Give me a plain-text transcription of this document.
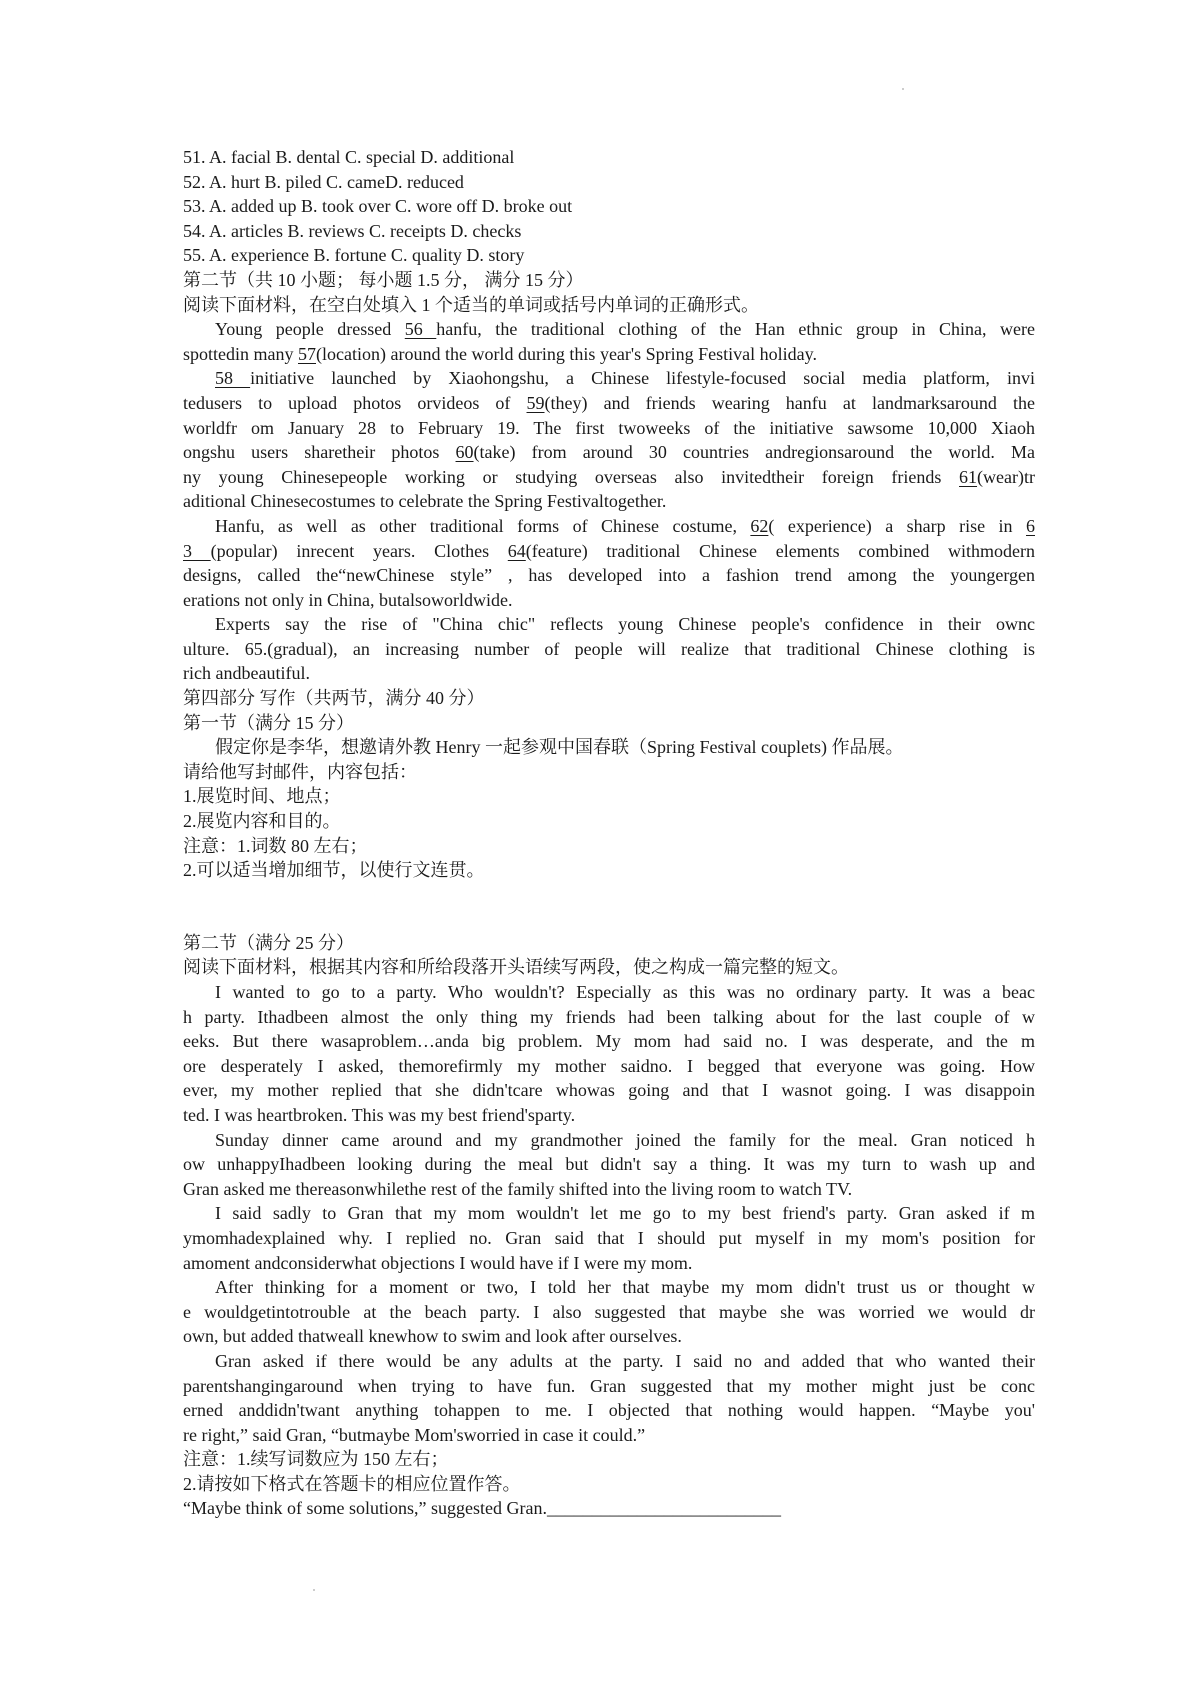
51. A. facial B. dental C. special D. additional
52. A. hurt B. piled C. cameD. reduced
53. A. added up B. took over C. wore off D. broke out
54. A. articles B. reviews C. receipts D. checks
55. A. experience B. fortune C. quality D. story
第二节（共 10 小题； 每小题 1.5 分， 满分 15 分）
阅读下面材料，在空白处填入 1 个适当的单词或括号内单词的正确形式。
Young people dressed 56 hanfu, the traditional clothing of the Han ethnic group in China, were
spottedin many 57(location) around the world during this year's Spring Festival holiday.
58 initiative launched by Xiaohongshu, a Chinese lifestyle-focused social media platform, invi
tedusers to upload photos orvideos of 59(they) and friends wearing hanfu at landmarksaround the
worldfr om January 28 to February 19. The first twoweeks of the initiative sawsome 10,000 Xiaoh
ongshu users sharetheir photos 60(take) from around 30 countries andregionsaround the world. Ma
ny young Chinesepeople working or studying overseas also invitedtheir foreign friends 61(wear)tr
aditional Chinesecostumes to celebrate the Spring Festivaltogether.
Hanfu, as well as other traditional forms of Chinese costume, 62( experience) a sharp rise in 6
3 (popular) inrecent years. Clothes 64(feature) traditional Chinese elements combined withmodern
designs, called the“newChinese style” , has developed into a fashion trend among the youngergen
erations not only in China, butalsoworldwide.
Experts say the rise of "China chic" reflects young Chinese people's confidence in their ownc
ulture. 65.(gradual), an increasing number of people will realize that traditional Chinese clothing is
rich andbeautiful.
第四部分 写作（共两节，满分 40 分）
第一节（满分 15 分）
假定你是李华，想邀请外教 Henry 一起参观中国春联（Spring Festival couplets) 作品展。
请给他写封邮件，内容包括：
1.展览时间、地点；
2.展览内容和目的。
注意：1.词数 80 左右；
2.可以适当增加细节，以使行文连贯。
第二节（满分 25 分）
阅读下面材料，根据其内容和所给段落开头语续写两段，使之构成一篇完整的短文。
I wanted to go to a party. Who wouldn't? Especially as this was no ordinary party. It was a beac
h party. Ithadbeen almost the only thing my friends had been talking about for the last couple of w
eeks. But there wasaproblem…anda big problem. My mom had said no. I was desperate, and the m
ore desperately I asked, themorefirmly my mother saidno. I begged that everyone was going. How
ever, my mother replied that she didn'tcare whowas going and that I wasnot going. I was disappoin
ted. I was heartbroken. This was my best friend'sparty.
Sunday dinner came around and my grandmother joined the family for the meal. Gran noticed h
ow unhappyIhadbeen looking during the meal but didn't say a thing. It was my turn to wash up and
Gran asked me thereasonwhilethe rest of the family shifted into the living room to watch TV.
I said sadly to Gran that my mom wouldn't let me go to my best friend's party. Gran asked if m
ymomhadexplained why. I replied no. Gran said that I should put myself in my mom's position for
amoment andconsiderwhat objections I would have if I were my mom.
After thinking for a moment or two, I told her that maybe my mom didn't trust us or thought w
e wouldgetintotrouble at the beach party. I also suggested that maybe she was worried we would dr
own, but added thatweall knewhow to swim and look after ourselves.
Gran asked if there would be any adults at the party. I said no and added that who wanted their
parentshangingaround when trying to have fun. Gran suggested that my mother might just be conc
erned anddidn'twant anything tohappen to me. I objected that nothing would happen. “Maybe you'
re right,” said Gran, “butmaybe Mom'sworried in case it could.”
注意：1.续写词数应为 150 左右；
2.请按如下格式在答题卡的相应位置作答。
“Maybe think of some solutions,” suggested Gran.__________________________
